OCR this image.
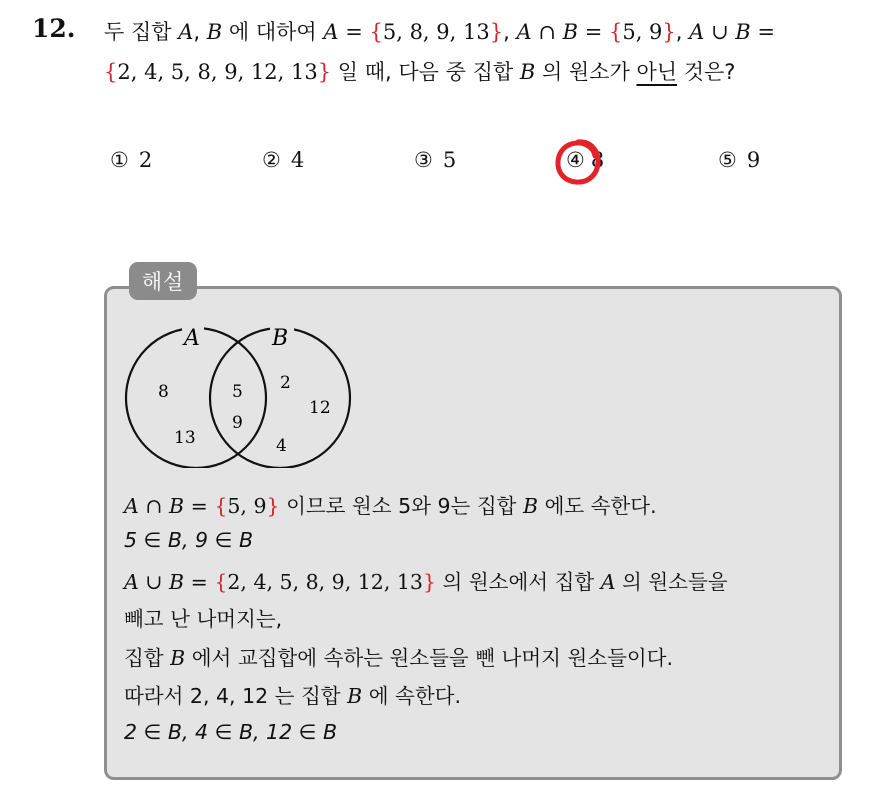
12. 두 집합 A, B 에 대하여 A = {5, 8, 9, 13}, A ∩ B = {5, 9}, A ∪ B =
{2, 4, 5, 8, 9, 12, 13} 일 때, 다음 중 집합 B 의 원소가 아닌 것은?
① 2	② 4	③ 5	④ 8	⑤ 9
해설
A	B
8
13
5
9
2
12
4
A ∩ B = {5, 9} 이므로 원소 5와 9는 집합 B 에도 속한다.
5 ∈ B, 9 ∈ B
A ∪ B = {2, 4, 5, 8, 9, 12, 13} 의 원소에서 집합 A 의 원소들을
빼고 난 나머지는,
집합 B 에서 교집합에 속하는 원소들을 뺀 나머지 원소들이다.
따라서 2, 4, 12 는 집합 B 에 속한다.
2 ∈ B, 4 ∈ B, 12 ∈ B
